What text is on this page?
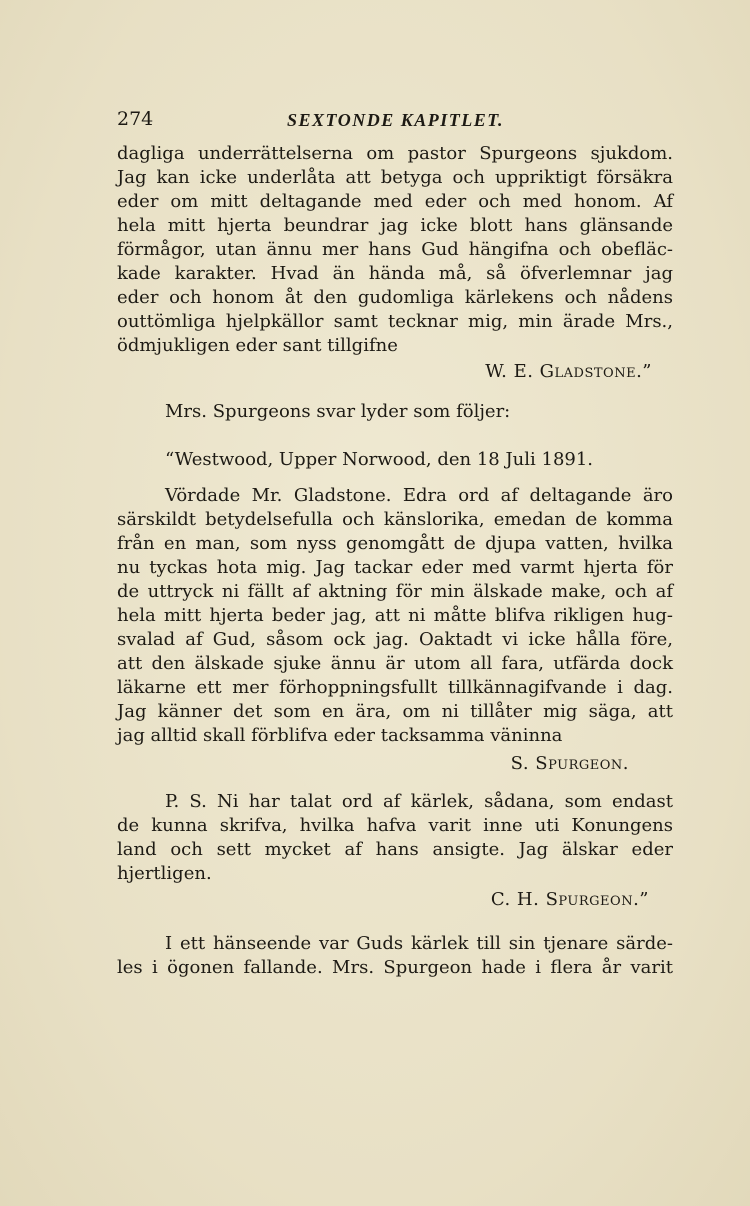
274	SEXTONDE KAPITLET.
dagliga underrättelserna om pastor Spurgeons sjukdom.
Jag kan icke underlåta att betyga och uppriktigt försäkra
eder om mitt deltagande med eder och med honom. Af
hela mitt hjerta beundrar jag icke blott hans glänsande
förmågor, utan ännu mer hans Gud hängifna och obefläc-
kade karakter. Hvad än hända må, så öfverlemnar jag
eder och honom åt den gudomliga kärlekens och nådens
outtömliga hjelpkällor samt tecknar mig, min ärade Mrs.,
ödmjukligen eder sant tillgifne
W. E. Gladstone.”
Mrs. Spurgeons svar lyder som följer:
“Westwood, Upper Norwood, den 18 Juli 1891.
Vördade Mr. Gladstone. Edra ord af deltagande äro
särskildt betydelsefulla och känslorika, emedan de komma
från en man, som nyss genomgått de djupa vatten, hvilka
nu tyckas hota mig. Jag tackar eder med varmt hjerta för
de uttryck ni fällt af aktning för min älskade make, och af
hela mitt hjerta beder jag, att ni måtte blifva rikligen hug-
svalad af Gud, såsom ock jag. Oaktadt vi icke hålla före,
att den älskade sjuke ännu är utom all fara, utfärda dock
läkarne ett mer förhoppningsfullt tillkännagifvande i dag.
Jag känner det som en ära, om ni tillåter mig säga, att
jag alltid skall förblifva eder tacksamma väninna
S. Spurgeon.
P. S. Ni har talat ord af kärlek, sådana, som endast
de kunna skrifva, hvilka hafva varit inne uti Konungens
land och sett mycket af hans ansigte. Jag älskar eder
hjertligen.
C. H. Spurgeon.”
I ett hänseende var Guds kärlek till sin tjenare särde-
les i ögonen fallande. Mrs. Spurgeon hade i flera år varit
